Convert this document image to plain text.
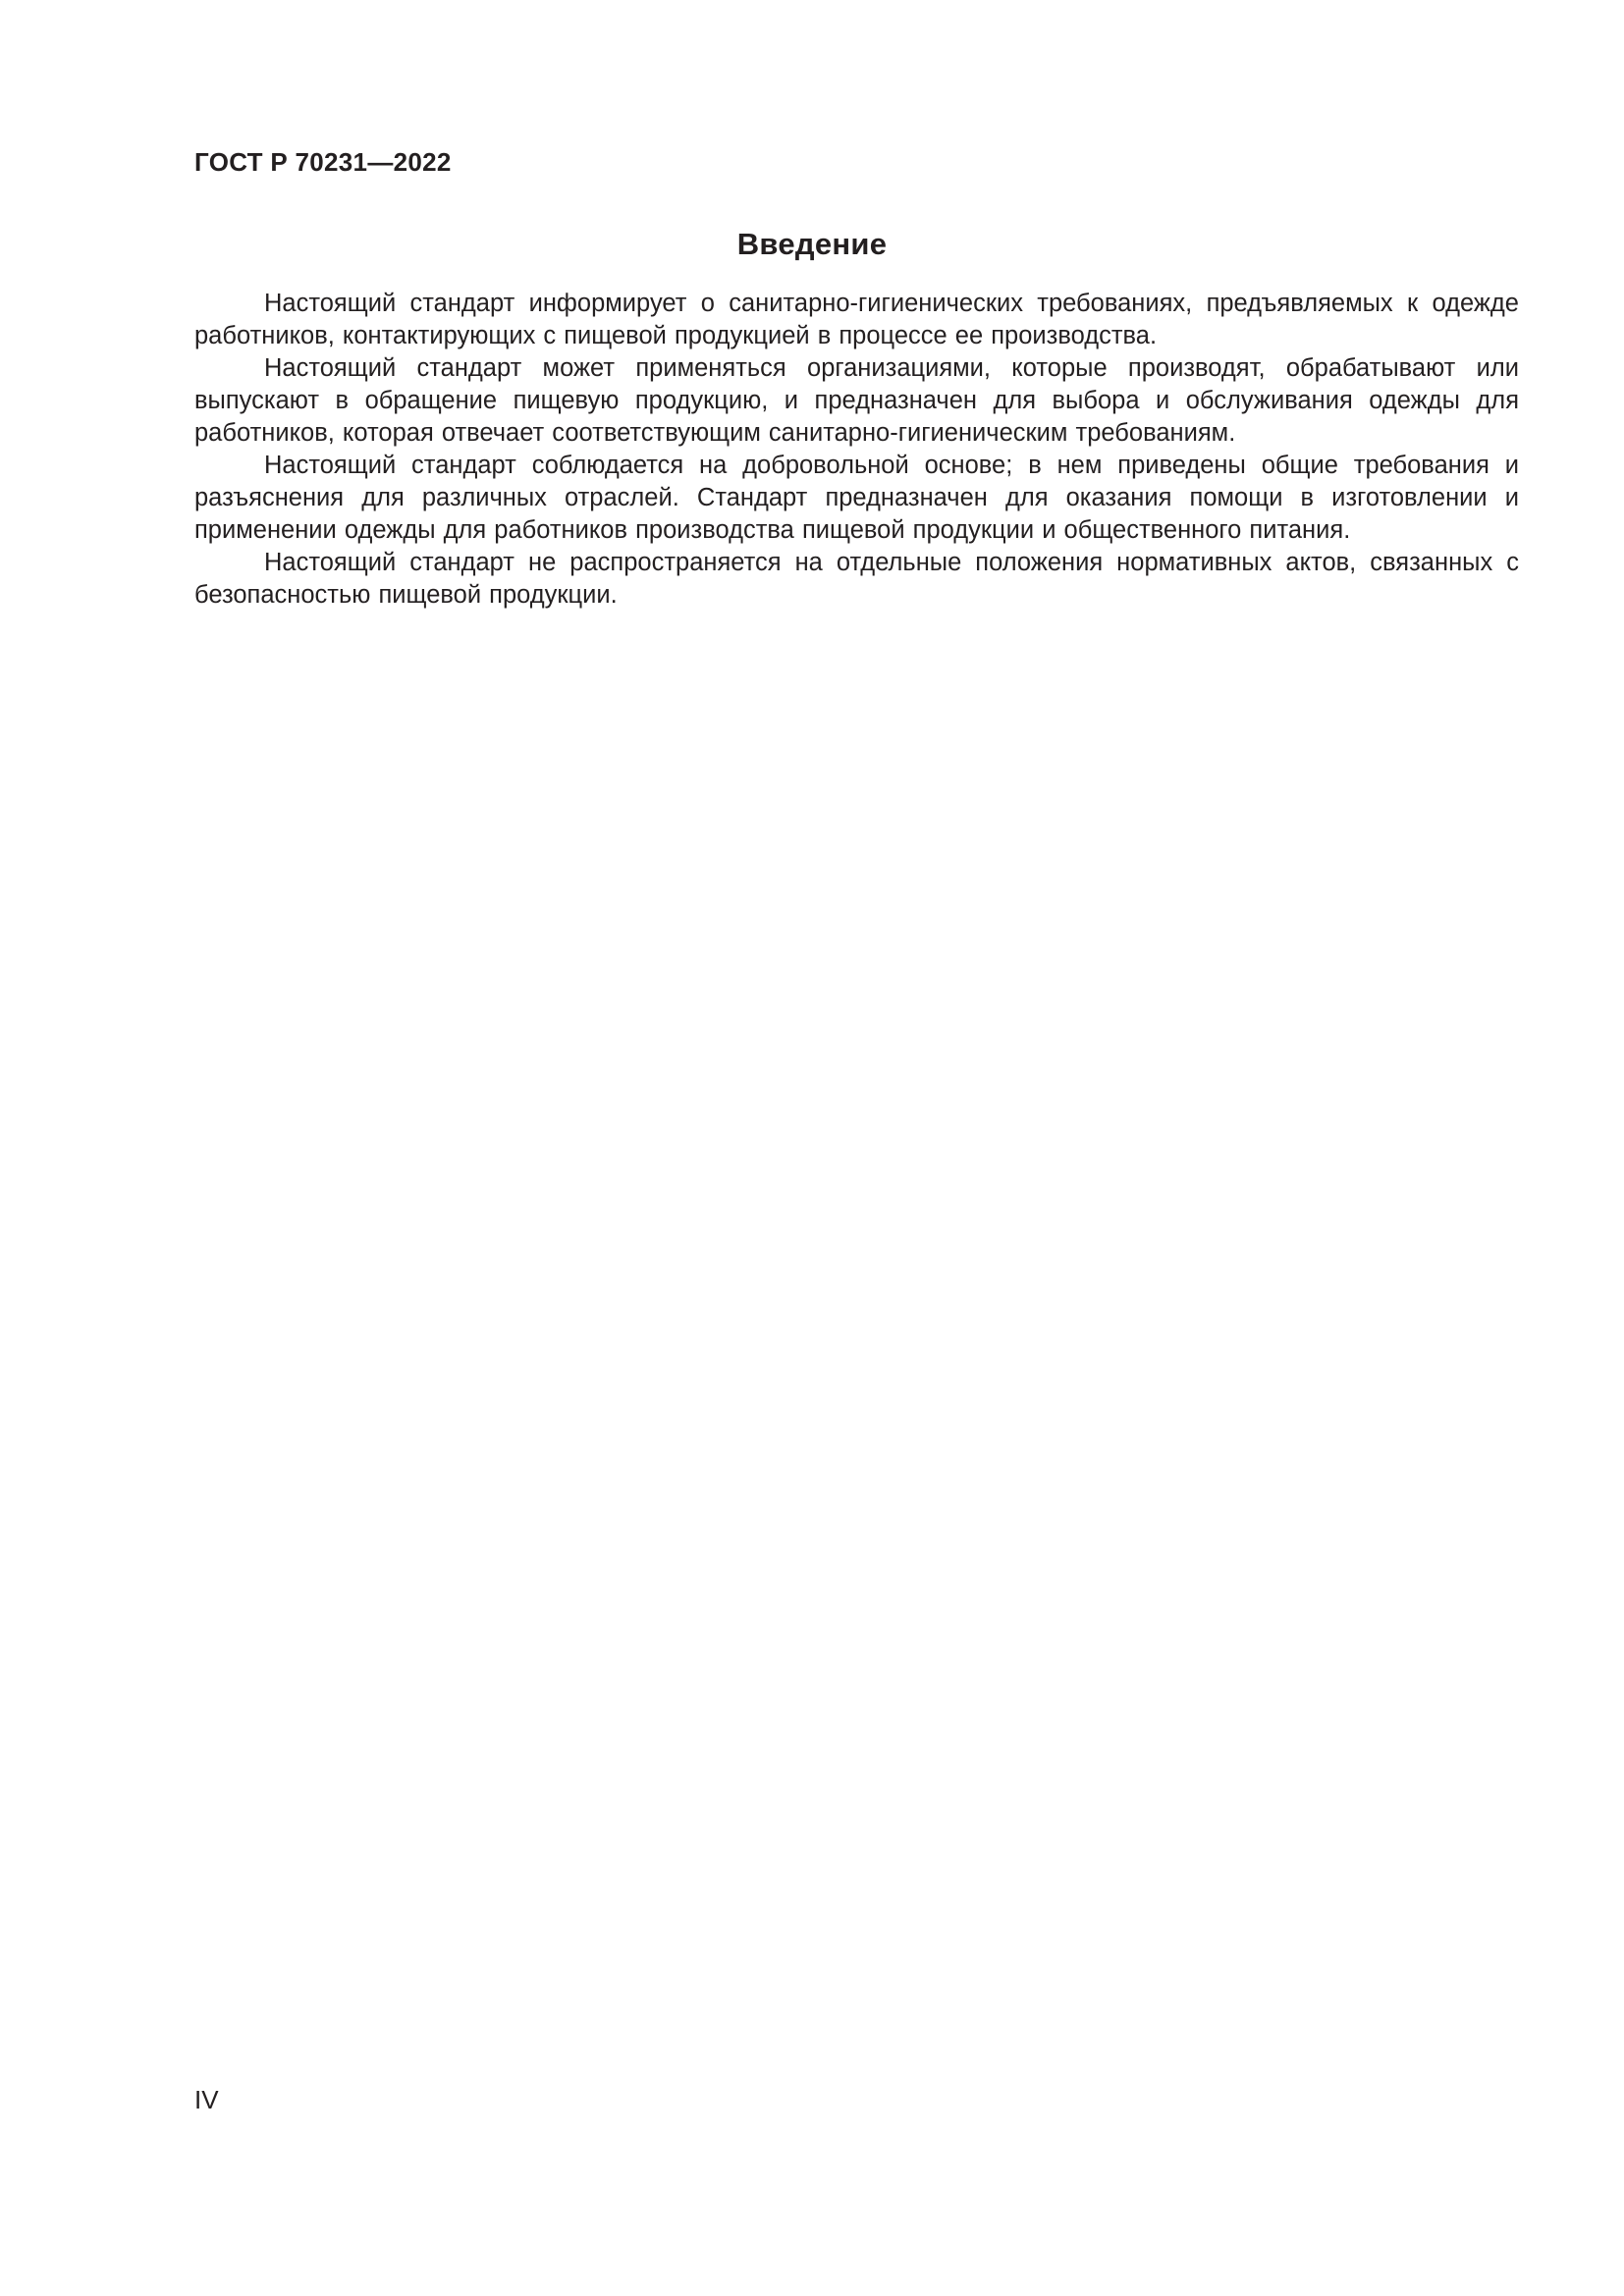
ГОСТ Р 70231—2022
Введение

Настоящий стандарт информирует о санитарно-гигиенических требованиях, предъявляемых к одежде работников, контактирующих с пищевой продукцией в процессе ее производства.

Настоящий стандарт может применяться организациями, которые производят, обрабатывают или выпускают в обращение пищевую продукцию, и предназначен для выбора и обслуживания одежды для работников, которая отвечает соответствующим санитарно-гигиеническим требованиям.

Настоящий стандарт соблюдается на добровольной основе; в нем приведены общие требования и разъяснения для различных отраслей. Стандарт предназначен для оказания помощи в изготовлении и применении одежды для работников производства пищевой продукции и общественного питания.

Настоящий стандарт не распространяется на отдельные положения нормативных актов, связанных с безопасностью пищевой продукции.

IV
